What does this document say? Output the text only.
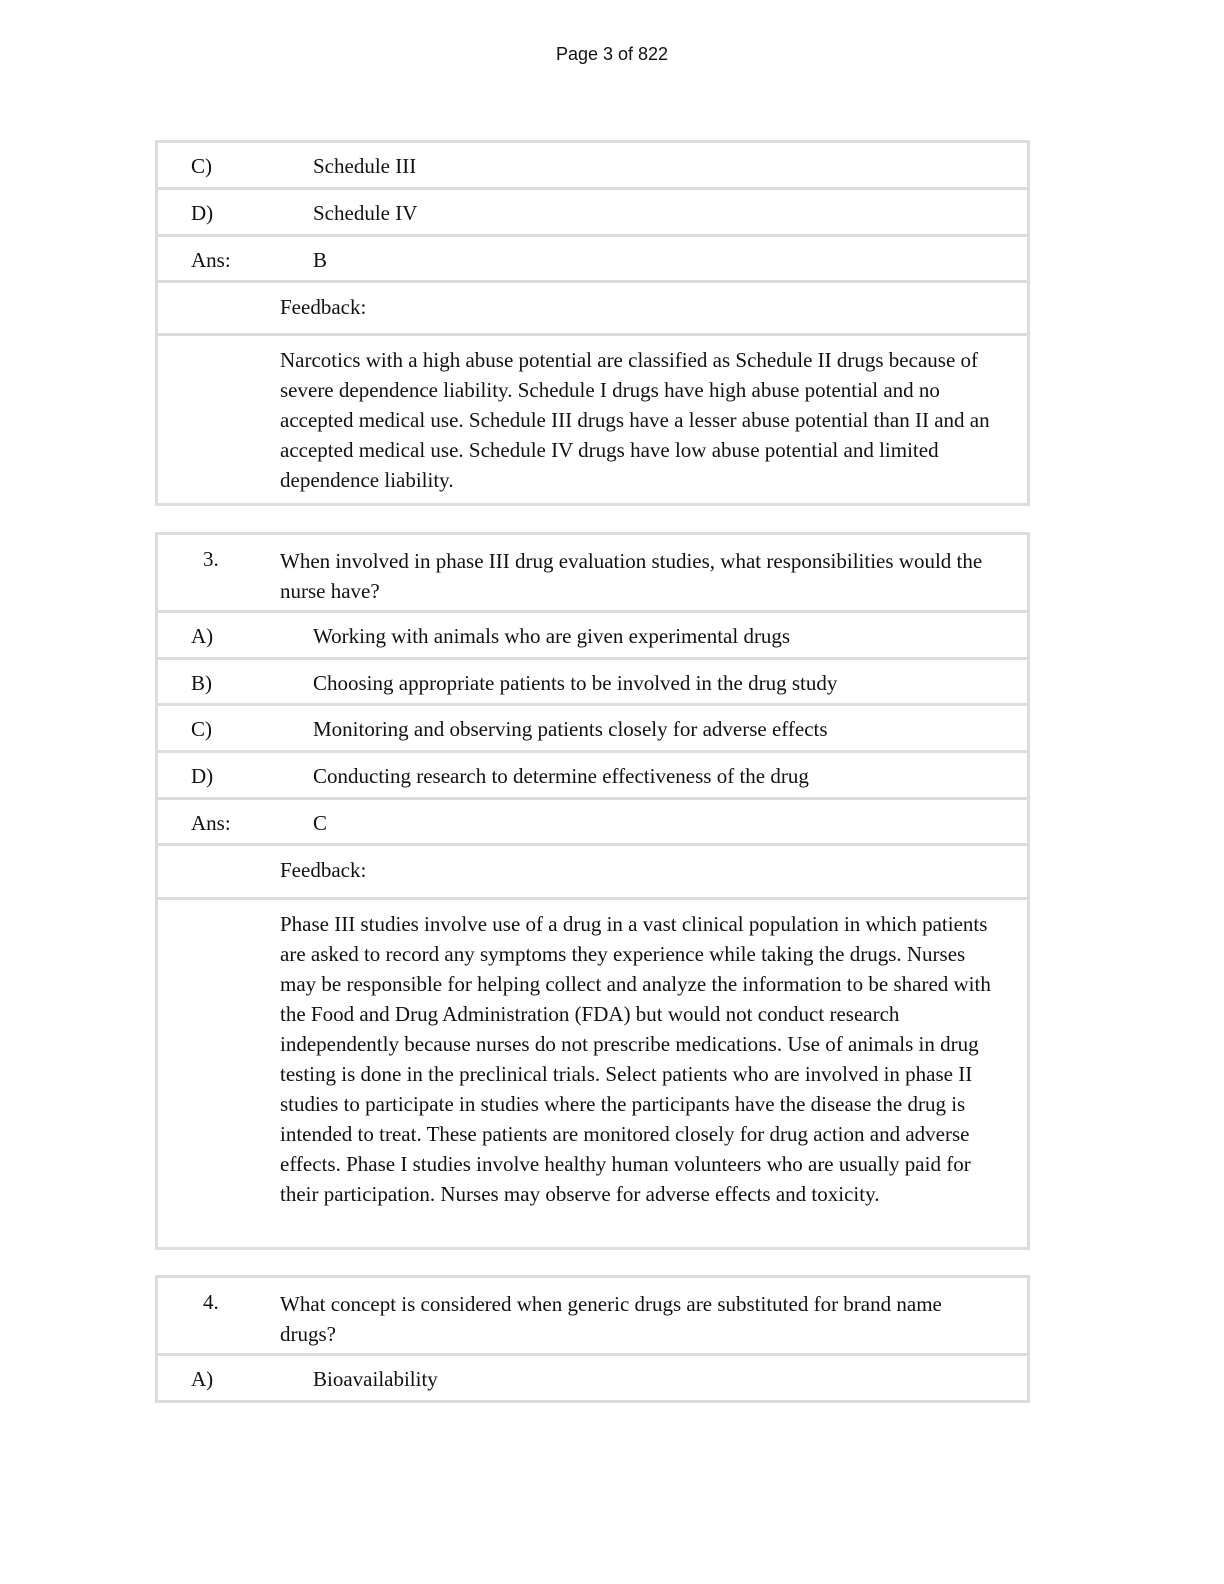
Page 3 of 822
C)	Schedule III
D)	Schedule IV
Ans:	B
Feedback:
Narcotics with a high abuse potential are classified as Schedule II drugs because of severe dependence liability. Schedule I drugs have high abuse potential and no accepted medical use. Schedule III drugs have a lesser abuse potential than II and an accepted medical use. Schedule IV drugs have low abuse potential and limited dependence liability.
3.	When involved in phase III drug evaluation studies, what responsibilities would the nurse have?
A)	Working with animals who are given experimental drugs
B)	Choosing appropriate patients to be involved in the drug study
C)	Monitoring and observing patients closely for adverse effects
D)	Conducting research to determine effectiveness of the drug
Ans:	C
Feedback:
Phase III studies involve use of a drug in a vast clinical population in which patients are asked to record any symptoms they experience while taking the drugs. Nurses may be responsible for helping collect and analyze the information to be shared with the Food and Drug Administration (FDA) but would not conduct research independently because nurses do not prescribe medications. Use of animals in drug testing is done in the preclinical trials. Select patients who are involved in phase II studies to participate in studies where the participants have the disease the drug is intended to treat. These patients are monitored closely for drug action and adverse effects. Phase I studies involve healthy human volunteers who are usually paid for their participation. Nurses may observe for adverse effects and toxicity.
4.	What concept is considered when generic drugs are substituted for brand name drugs?
A)	Bioavailability
